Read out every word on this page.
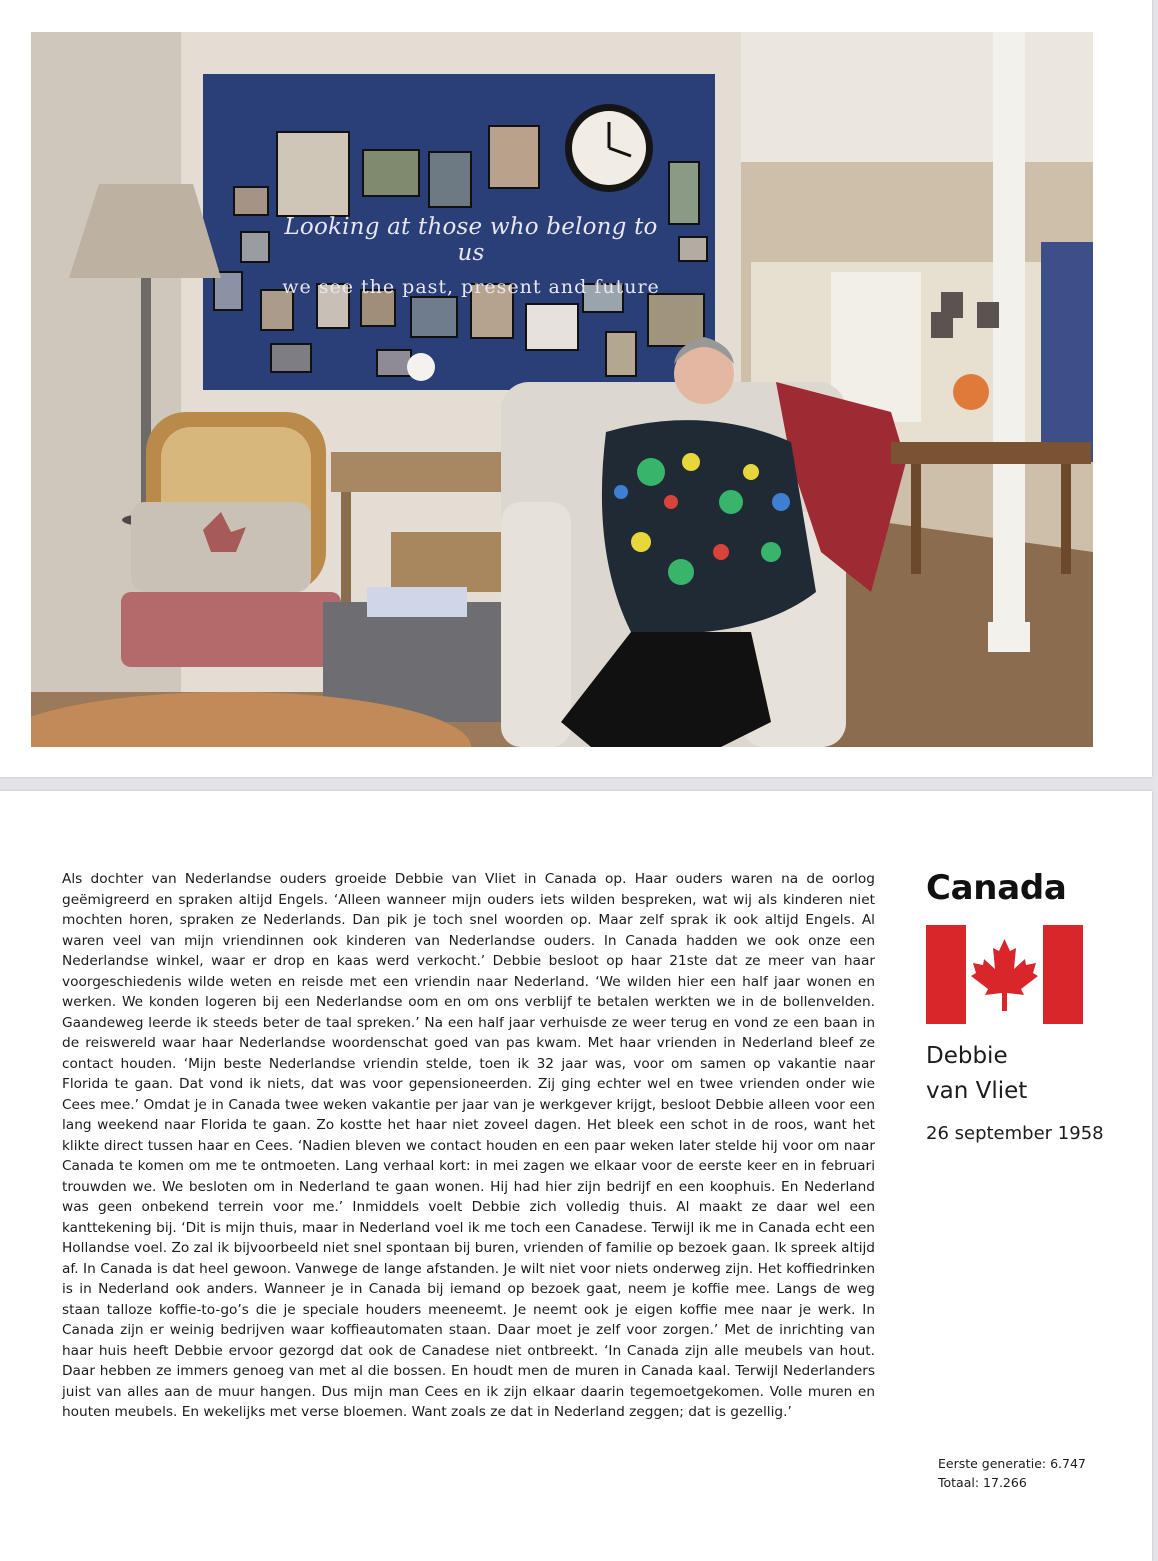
Looking at those who belong to us
we see the past, present and future

Als dochter van Nederlandse ouders groeide Debbie van Vliet in Canada op. Haar ouders waren na de oorlog geëmigreerd en spraken altijd Engels. ‘Alleen wanneer mijn ouders iets wilden bespreken, wat wij als kinderen niet mochten horen, spraken ze Nederlands. Dan pik je toch snel woorden op. Maar zelf sprak ik ook altijd Engels. Al waren veel van mijn vriendinnen ook kinderen van Nederlandse ouders. In Canada hadden we ook onze een Nederlandse winkel, waar er drop en kaas werd verkocht.’ Debbie besloot op haar 21ste dat ze meer van haar voorgeschiedenis wilde weten en reisde met een vriendin naar Nederland. ‘We wilden hier een half jaar wonen en werken. We konden logeren bij een Nederlandse oom en om ons verblijf te betalen werkten we in de bollenvelden. Gaandeweg leerde ik steeds beter de taal spreken.’ Na een half jaar verhuisde ze weer terug en vond ze een baan in de reiswereld waar haar Nederlandse woordenschat goed van pas kwam. Met haar vrienden in Nederland bleef ze contact houden. ‘Mijn beste Nederlandse vriendin stelde, toen ik 32 jaar was, voor om samen op vakantie naar Florida te gaan. Dat vond ik niets, dat was voor gepensioneerden. Zij ging echter wel en twee vrienden onder wie Cees mee.’ Omdat je in Canada twee weken vakantie per jaar van je werkgever krijgt, besloot Debbie alleen voor een lang weekend naar Florida te gaan. Zo kostte het haar niet zoveel dagen. Het bleek een schot in de roos, want het klikte direct tussen haar en Cees. ‘Nadien bleven we contact houden en een paar weken later stelde hij voor om naar Canada te komen om me te ontmoeten. Lang verhaal kort: in mei zagen we elkaar voor de eerste keer en in februari trouwden we. We besloten om in Nederland te gaan wonen. Hij had hier zijn bedrijf en een koophuis. En Nederland was geen onbekend terrein voor me.’ Inmiddels voelt Debbie zich volledig thuis. Al maakt ze daar wel een kanttekening bij. ‘Dit is mijn thuis, maar in Nederland voel ik me toch een Canadese. Terwijl ik me in Canada echt een Hollandse voel. Zo zal ik bijvoorbeeld niet snel spontaan bij buren, vrienden of familie op bezoek gaan. Ik spreek altijd af. In Canada is dat heel gewoon. Vanwege de lange afstanden. Je wilt niet voor niets onderweg zijn. Het koffiedrinken is in Nederland ook anders. Wanneer je in Canada bij iemand op bezoek gaat, neem je koffie mee. Langs de weg staan talloze koffie-to-go’s die je speciale houders meeneemt. Je neemt ook je eigen koffie mee naar je werk. In Canada zijn er weinig bedrijven waar koffieautomaten staan. Daar moet je zelf voor zorgen.’ Met de inrichting van haar huis heeft Debbie ervoor gezorgd dat ook de Canadese niet ontbreekt. ‘In Canada zijn alle meubels van hout. Daar hebben ze immers genoeg van met al die bossen. En houdt men de muren in Canada kaal. Terwijl Nederlanders juist van alles aan de muur hangen. Dus mijn man Cees en ik zijn elkaar daarin tegemoetgekomen. Volle muren en houten meubels. En wekelijks met verse bloemen. Want zoals ze dat in Nederland zeggen; dat is gezellig.’

Canada
Debbie
van Vliet
26 september 1958
Eerste generatie: 6.747
Totaal: 17.266
